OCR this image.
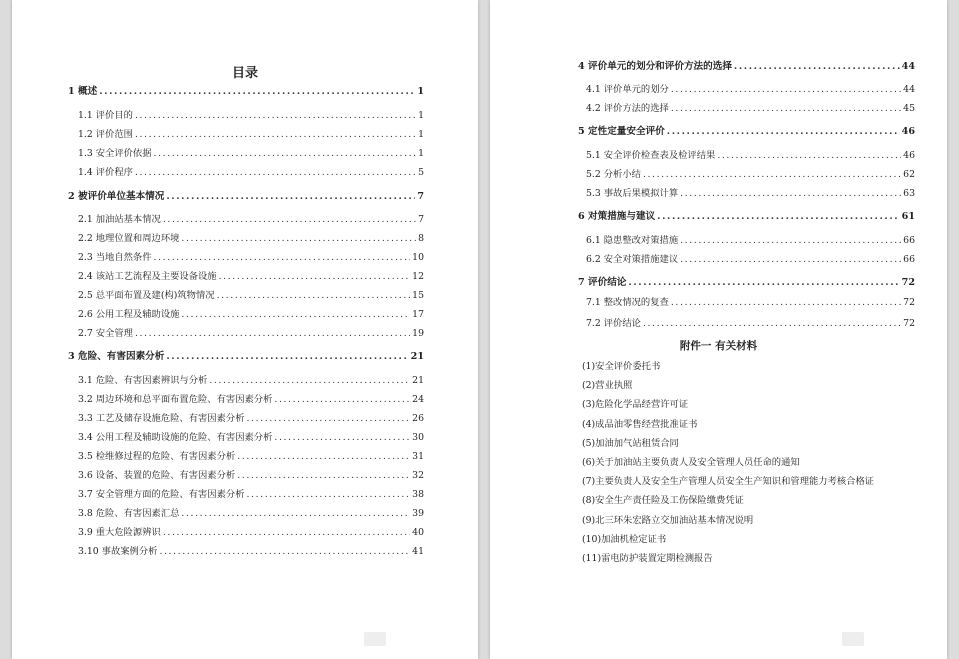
目录
1 概述 .....	1
1.1 评价目的 .....	1
1.2 评价范围 .....	1
1.3 安全评价依据 .....	1
1.4 评价程序 .....	5
2 被评价单位基本情况 .....	7
2.1 加油站基本情况 .....	7
2.2 地理位置和周边环境 .....	8
2.3 当地自然条件 .....	10
2.4 该站工艺流程及主要设备设施 .....	12
2.5 总平面布置及建(构)筑物情况 .....	15
2.6 公用工程及辅助设施 .....	17
2.7 安全管理 .....	19
3 危险、有害因素分析 .....	21
3.1 危险、有害因素辨识与分析 .....	21
3.2 周边环境和总平面布置危险、有害因素分析 .....	24
3.3 工艺及储存设施危险、有害因素分析 .....	26
3.4 公用工程及辅助设施的危险、有害因素分析 .....	30
3.5 检维修过程的危险、有害因素分析 .....	31
3.6 设备、装置的危险、有害因素分析 .....	32
3.7 安全管理方面的危险、有害因素分析 .....	38
3.8 危险、有害因素汇总 .....	39
3.9 重大危险源辨识 .....	40
3.10 事故案例分析 .....	41
4 评价单元的划分和评价方法的选择 .....	44
4.1 评价单元的划分 .....	44
4.2 评价方法的选择 .....	45
5 定性定量安全评价 .....	46
5.1 安全评价检查表及检评结果 .....	46
5.2 分析小结 .....	62
5.3 事故后果模拟计算 .....	63
6 对策措施与建议 .....	61
6.1 隐患整改对策措施 .....	66
6.2 安全对策措施建议 .....	66
7 评价结论 .....	72
7.1 整改情况的复查 .....	72
7.2 评价结论 .....	72
附件一 有关材料
(1)安全评价委托书
(2)营业执照
(3)危险化学品经营许可证
(4)成品油零售经营批准证书
(5)加油加气站租赁合同
(6)关于加油站主要负责人及安全管理人员任命的通知
(7)主要负责人及安全生产管理人员安全生产知识和管理能力考核合格证
(8)安全生产责任险及工伤保险缴费凭证
(9)北三环朱宏路立交加油站基本情况说明
(10)加油机检定证书
(11)雷电防护装置定期检测报告
